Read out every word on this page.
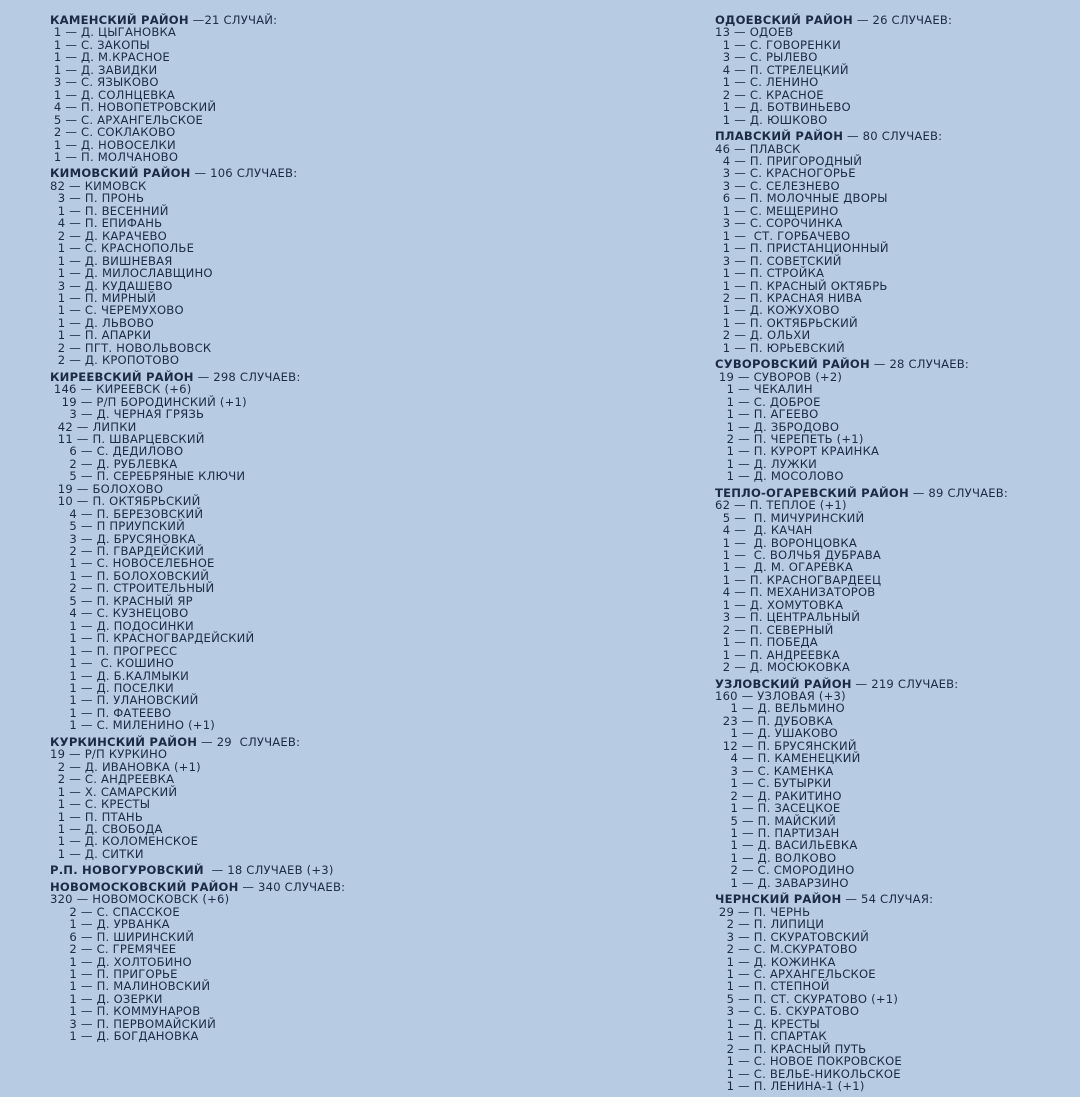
КАМЕНСКИЙ РАЙОН —21 СЛУЧАЙ:
1 — Д. ЦЫГАНОВКА
1 — С. ЗАКОПЫ
1 — Д. М.КРАСНОЕ
1 — Д. ЗАВИДКИ
3 — С. ЯЗЫКОВО
1 — Д. СОЛНЦЕВКА
4 — П. НОВОПЕТРОВСКИЙ
5 — С. АРХАНГЕЛЬСКОЕ
2 — С. СОКЛАКОВО
1 — Д. НОВОСЕЛКИ
1 — П. МОЛЧАНОВО
КИМОВСКИЙ РАЙОН — 106 СЛУЧАЕВ:
82 — КИМОВСК
3 — П. ПРОНЬ
1 — П. ВЕСЕННИЙ
4 — П. ЕПИФАНЬ
2 — Д. КАРАЧЕВО
1 — С. КРАСНОПОЛЬЕ
1 — Д. ВИШНЕВАЯ
1 — Д. МИЛОСЛАВЩИНО
3 — Д. КУДАШЕВО
1 — П. МИРНЫЙ
1 — С. ЧЕРЕМУХОВО
1 — Д. ЛЬВОВО
1 — П. АПАРКИ
2 — ПГТ. НОВОЛЬВОВСК
2 — Д. КРОПОТОВО
КИРЕЕВСКИЙ РАЙОН — 298 СЛУЧАЕВ:
146 — КИРЕЕВСК (+6)
19 — Р/П БОРОДИНСКИЙ (+1)
3 — Д. ЧЕРНАЯ ГРЯЗЬ
42 — ЛИПКИ
11 — П. ШВАРЦЕВСКИЙ
6 — С. ДЕДИЛОВО
2 — Д. РУБЛЕВКА
5 — П. СЕРЕБРЯНЫЕ КЛЮЧИ
19 — БОЛОХОВО
10 — П. ОКТЯБРЬСКИЙ
4 — П. БЕРЕЗОВСКИЙ
5 — П ПРИУПСКИЙ
3 — Д. БРУСЯНОВКА
2 — П. ГВАРДЕЙСКИЙ
1 — С. НОВОСЕЛЕБНОЕ
1 — П. БОЛОХОВСКИЙ
2 — П. СТРОИТЕЛЬНЫЙ
5 — П. КРАСНЫЙ ЯР
4 — С. КУЗНЕЦОВО
1 — Д. ПОДОСИНКИ
1 — П. КРАСНОГВАРДЕЙСКИЙ
1 — П. ПРОГРЕСС
1 —  С. КОШИНО
1 — Д. Б.КАЛМЫКИ
1 — Д. ПОСЕЛКИ
1 — П. УЛАНОВСКИЙ
1 — П. ФАТЕЕВО
1 — С. МИЛЕНИНО (+1)
КУРКИНСКИЙ РАЙОН — 29  СЛУЧАЕВ:
19 — Р/П КУРКИНО
2 — Д. ИВАНОВКА (+1)
2 — С. АНДРЕЕВКА
1 — Х. САМАРСКИЙ
1 — С. КРЕСТЫ
1 — П. ПТАНЬ
1 — Д. СВОБОДА
1 — Д. КОЛОМЕНСКОЕ
1 — Д. СИТКИ
Р.П. НОВОГУРОВСКИЙ  — 18 СЛУЧАЕВ (+3)
НОВОМОСКОВСКИЙ РАЙОН — 340 СЛУЧАЕВ:
320 — НОВОМОСКОВСК (+6)
2 — С. СПАССКОЕ
1 — Д. УРВАНКА
6 — П. ШИРИНСКИЙ
2 — С. ГРЕМЯЧЕЕ
1 — Д. ХОЛТОБИНО
1 — П. ПРИГОРЬЕ
1 — П. МАЛИНОВСКИЙ
1 — Д. ОЗЕРКИ
1 — П. КОММУНАРОВ
3 — П. ПЕРВОМАЙСКИЙ
1 — Д. БОГДАНОВКА
ОДОЕВСКИЙ РАЙОН — 26 СЛУЧАЕВ:
13 — ОДОЕВ
1 — С. ГОВОРЕНКИ
3 — С. РЫЛЕВО
4 — П. СТРЕЛЕЦКИЙ
1 — С. ЛЕНИНО
2 — С. КРАСНОЕ
1 — Д. БОТВИНЬЕВО
1 — Д. ЮШКОВО
ПЛАВСКИЙ РАЙОН — 80 СЛУЧАЕВ:
46 — ПЛАВСК
4 — П. ПРИГОРОДНЫЙ
3 — С. КРАСНОГОРЬЕ
3 — С. СЕЛЕЗНЕВО
6 — П. МОЛОЧНЫЕ ДВОРЫ
1 — С. МЕЩЕРИНО
3 — С. СОРОЧИНКА
1 —  СТ. ГОРБАЧЕВО
1 — П. ПРИСТАНЦИОННЫЙ
3 — П. СОВЕТСКИЙ
1 — П. СТРОЙКА
1 — П. КРАСНЫЙ ОКТЯБРЬ
2 — П. КРАСНАЯ НИВА
1 — Д. КОЖУХОВО
1 — П. ОКТЯБРЬСКИЙ
2 — Д. ОЛЬХИ
1 — П. ЮРЬЕВСКИЙ
СУВОРОВСКИЙ РАЙОН — 28 СЛУЧАЕВ:
19 — СУВОРОВ (+2)
1 — ЧЕКАЛИН
1 — С. ДОБРОЕ
1 — П. АГЕЕВО
1 — Д. ЗБРОДОВО
2 — П. ЧЕРЕПЕТЬ (+1)
1 — П. КУРОРТ КРАИНКА
1 — Д. ЛУЖКИ
1 — Д. МОСОЛОВО
ТЕПЛО-ОГАРЕВСКИЙ РАЙОН — 89 СЛУЧАЕВ:
62 — П. ТЕПЛОЕ (+1)
5 —  П. МИЧУРИНСКИЙ
4 —  Д. КАЧАН
1 —  Д. ВОРОНЦОВКА
1 —  С. ВОЛЧЬЯ ДУБРАВА
1 —  Д. М. ОГАРЕВКА
1 — П. КРАСНОГВАРДЕЕЦ
4 — П. МЕХАНИЗАТОРОВ
1 — Д. ХОМУТОВКА
3 — П. ЦЕНТРАЛЬНЫЙ
2 — П. СЕВЕРНЫЙ
1 — П. ПОБЕДА
1 — П. АНДРЕЕВКА
2 — Д. МОСЮКОВКА
УЗЛОВСКИЙ РАЙОН — 219 СЛУЧАЕВ:
160 — УЗЛОВАЯ (+3)
1 — Д. ВЕЛЬМИНО
23 — П. ДУБОВКА
1 — Д. УШАКОВО
12 — П. БРУСЯНСКИЙ
4 — П. КАМЕНЕЦКИЙ
3 — С. КАМЕНКА
1 — С. БУТЫРКИ
2 — Д. РАКИТИНО
1 — П. ЗАСЕЦКОЕ
5 — П. МАЙСКИЙ
1 — П. ПАРТИЗАН
1 — Д. ВАСИЛЬЕВКА
1 — Д. ВОЛКОВО
2 — С. СМОРОДИНО
1 — Д. ЗАВАРЗИНО
ЧЕРНСКИЙ РАЙОН — 54 СЛУЧАЯ:
29 — П. ЧЕРНЬ
2 — П. ЛИПИЦИ
3 — П. СКУРАТОВСКИЙ
2 — С. М.СКУРАТОВО
1 — Д. КОЖИНКА
1 — С. АРХАНГЕЛЬСКОЕ
1 — П. СТЕПНОЙ
5 — П. СТ. СКУРАТОВО (+1)
3 — С. Б. СКУРАТОВО
1 — Д. КРЕСТЫ
1 — П. СПАРТАК
2 — П. КРАСНЫЙ ПУТЬ
1 — С. НОВОЕ ПОКРОВСКОЕ
1 — С. ВЕЛЬЕ-НИКОЛЬСКОЕ
1 — П. ЛЕНИНА-1 (+1)
